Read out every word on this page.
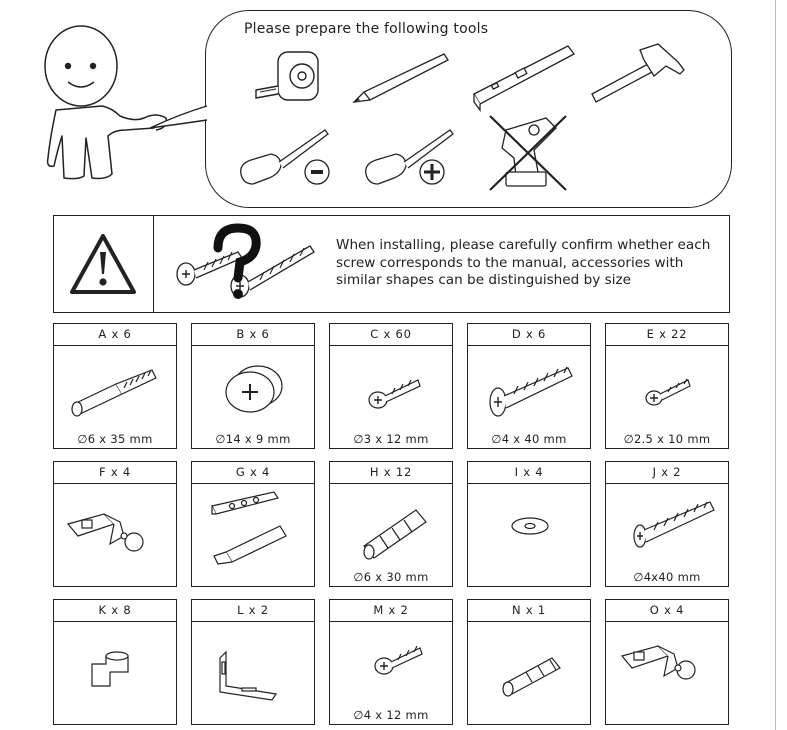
Please prepare the following tools
When installing, please carefully confirm whether each screw corresponds to the manual, accessories with similar shapes can be distinguished by size
A x 6
∅6 x 35 mm
B x 6
∅14 x 9 mm
C x 60
∅3 x 12 mm
D x 6
∅4 x 40 mm
E x 22
∅2.5 x 10 mm
F x 4	G x 4	H x 12
∅6 x 30 mm
I x 4	J x 2
∅4x40 mm
K x 8	L x 2	M x 2
∅4 x 12 mm
N x 1	O x 4
